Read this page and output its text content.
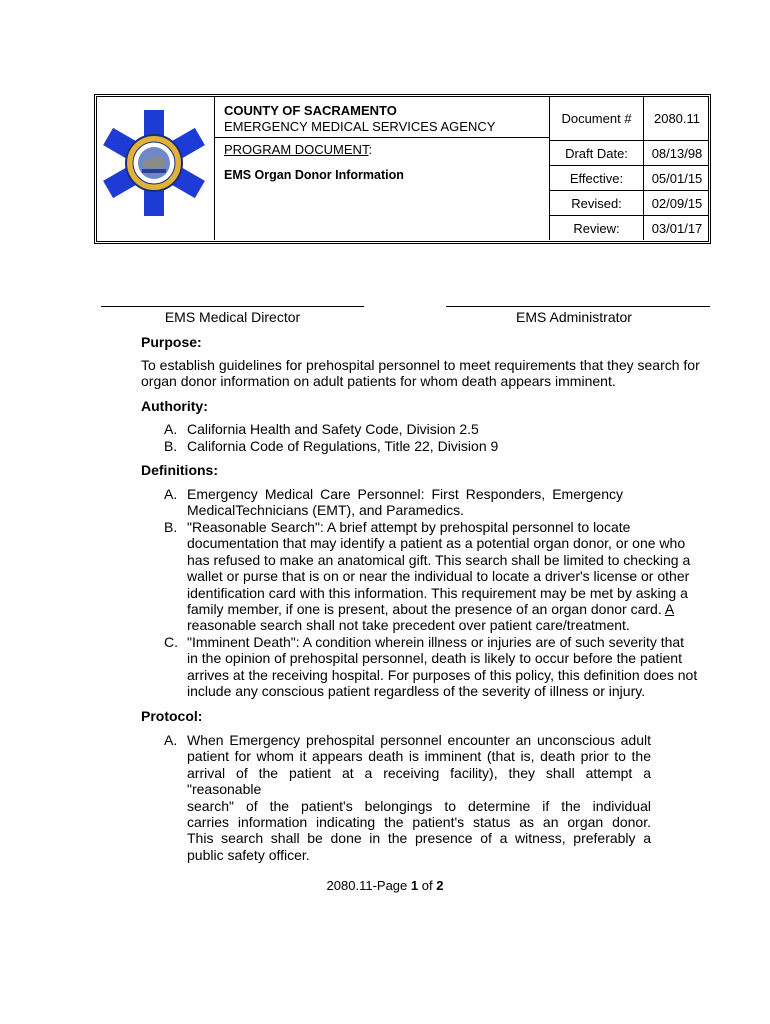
COUNTY OF SACRAMENTO
EMERGENCY MEDICAL SERVICES AGENCY
PROGRAM DOCUMENT:
EMS Organ Donor Information
Document #	2080.11
Draft Date:	08/13/98
Effective:	05/01/15
Revised:	02/09/15
Review:	03/01/17
EMS Medical Director	EMS Administrator
Purpose:
To establish guidelines for prehospital personnel to meet requirements that they search for
organ donor information on adult patients for whom death appears imminent.
Authority:
A. California Health and Safety Code, Division 2.5
B. California Code of Regulations, Title 22, Division 9
Definitions:
A. Emergency Medical Care Personnel: First Responders, Emergency
MedicalTechnicians (EMT), and Paramedics.
B. "Reasonable Search": A brief attempt by prehospital personnel to locate
documentation that may identify a patient as a potential organ donor, or one who
has refused to make an anatomical gift. This search shall be limited to checking a
wallet or purse that is on or near the individual to locate a driver's license or other
identification card with this information. This requirement may be met by asking a
family member, if one is present, about the presence of an organ donor card. A
reasonable search shall not take precedent over patient care/treatment.
C. "Imminent Death": A condition wherein illness or injuries are of such severity that
in the opinion of prehospital personnel, death is likely to occur before the patient
arrives at the receiving hospital. For purposes of this policy, this definition does not
include any conscious patient regardless of the severity of illness or injury.
Protocol:
A. When Emergency prehospital personnel encounter an unconscious adult
patient for whom it appears death is imminent (that is, death prior to the
arrival of the patient at a receiving facility), they shall attempt a "reasonable
search" of the patient's belongings to determine if the individual
carries information indicating the patient's status as an organ donor.
This search shall be done in the presence of a witness, preferably a
public safety officer.
2080.11-Page 1 of 2
